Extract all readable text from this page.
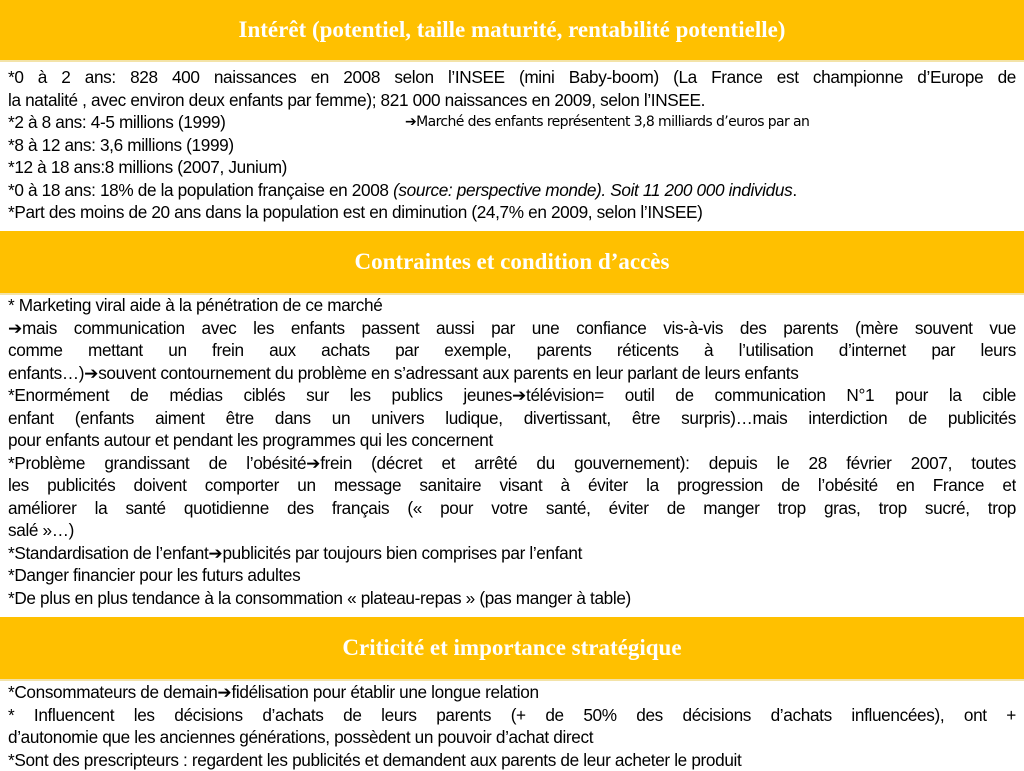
Intérêt (potentiel, taille maturité, rentabilité potentielle)
*0 à 2 ans: 828 400 naissances en 2008 selon l’INSEE (mini Baby-boom) (La France est championne d’Europe de
la natalité , avec environ deux enfants par femme); 821 000 naissances en 2009, selon l’INSEE.
*2 à 8 ans: 4-5 millions (1999)	➔Marché des enfants représentent 3,8 milliards d’euros par an
*8 à 12 ans: 3,6 millions (1999)
*12 à 18 ans:8 millions (2007, Junium)
*0 à 18 ans: 18% de la population française en 2008 (source: perspective monde). Soit 11 200 000 individus.
*Part des moins de 20 ans dans la population est en diminution (24,7% en 2009, selon l’INSEE)
Contraintes et condition d’accès
* Marketing viral aide à la pénétration de ce marché
➔mais communication avec les enfants passent aussi par une confiance vis-à-vis des parents (mère souvent vue
comme mettant un frein aux achats par exemple, parents réticents à l’utilisation d’internet par leurs
enfants…)➔souvent contournement du problème en s’adressant aux parents en leur parlant de leurs enfants
*Enormément de médias ciblés sur les publics jeunes➔télévision= outil de communication N°1 pour la cible
enfant (enfants aiment être dans un univers ludique, divertissant, être surpris)…mais interdiction de publicités
pour enfants autour et pendant les programmes qui les concernent
*Problème grandissant de l’obésité➔frein (décret et arrêté du gouvernement): depuis le 28 février 2007, toutes
les publicités doivent comporter un message sanitaire visant à éviter la progression de l’obésité en France et
améliorer la santé quotidienne des français (« pour votre santé, éviter de manger trop gras, trop sucré, trop
salé »…)
*Standardisation de l’enfant➔publicités par toujours bien comprises par l’enfant
*Danger financier pour les futurs adultes
*De plus en plus tendance à la consommation « plateau-repas » (pas manger à table)
Criticité et importance stratégique
*Consommateurs de demain➔fidélisation pour établir une longue relation
* Influencent les décisions d’achats de leurs parents (+ de 50% des décisions d’achats influencées), ont +
d’autonomie que les anciennes générations, possèdent un pouvoir d’achat direct
*Sont des prescripteurs : regardent les publicités et demandent aux parents de leur acheter le produit
